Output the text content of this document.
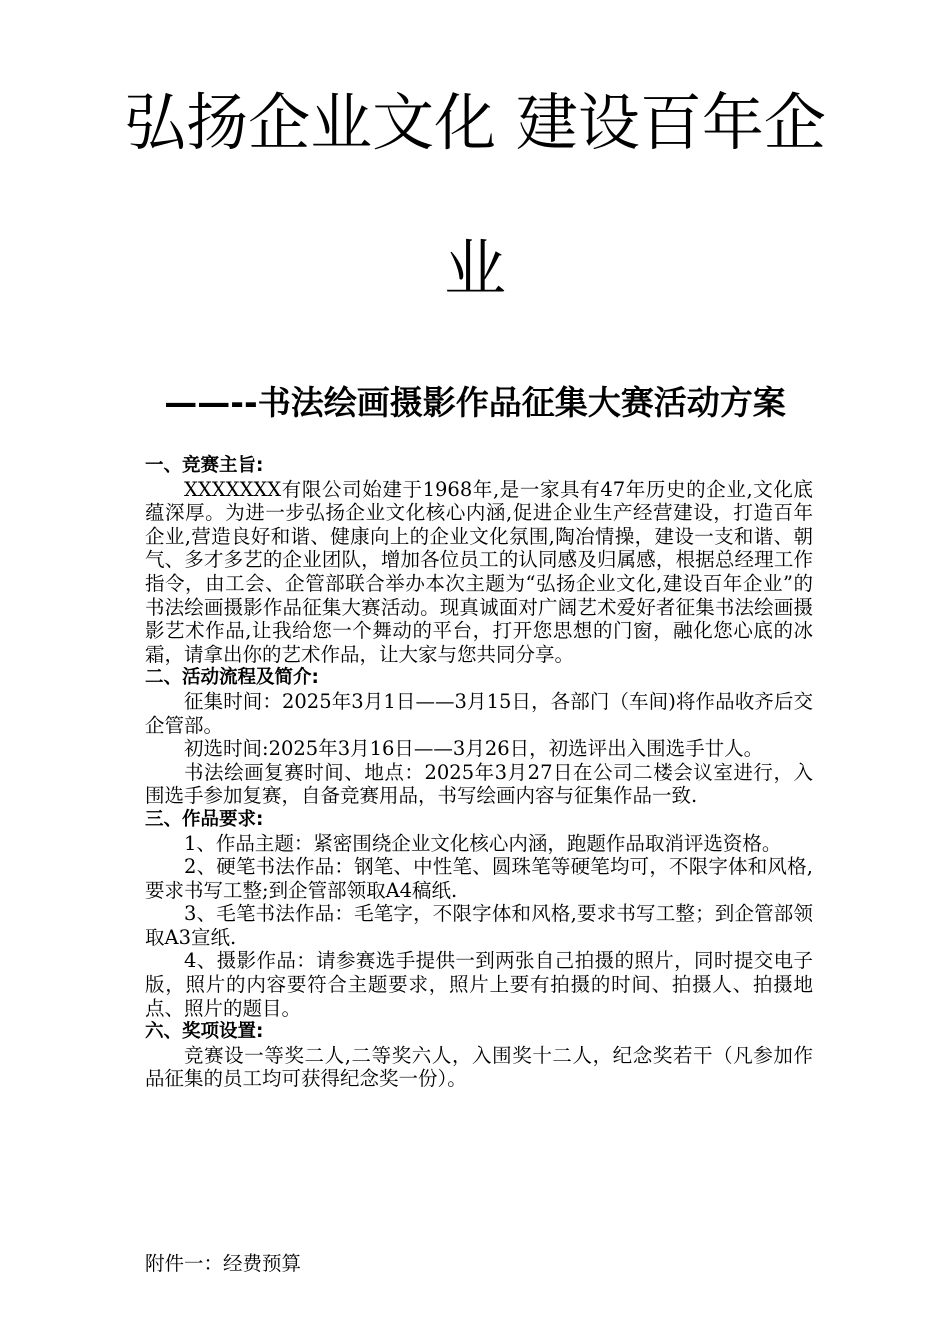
弘扬企业文化 建设百年企
业
——--书法绘画摄影作品征集大赛活动方案

一、竞赛主旨:

XXXXXXX有限公司始建于1968年,是一家具有47年历史的企业,文化底蕴深厚。为进一步弘扬企业文化核心内涵,促进企业生产经营建设，打造百年企业,营造良好和谐、健康向上的企业文化氛围,陶冶情操，建设一支和谐、朝气、多才多艺的企业团队，增加各位员工的认同感及归属感，根据总经理工作指令，由工会、企管部联合举办本次主题为“弘扬企业文化,建设百年企业”的书法绘画摄影作品征集大赛活动。现真诚面对广阔艺术爱好者征集书法绘画摄影艺术作品,让我给您一个舞动的平台，打开您思想的门窗，融化您心底的冰霜，请拿出你的艺术作品，让大家与您共同分享。

二、活动流程及简介:

征集时间：2025年3月1日——3月15日，各部门（车间)将作品收齐后交企管部。

初选时间:2025年3月16日——3月26日，初选评出入围选手廿人。

书法绘画复赛时间、地点：2025年3月27日在公司二楼会议室进行，入围选手参加复赛，自备竞赛用品，书写绘画内容与征集作品一致.

三、作品要求:

1、作品主题：紧密围绕企业文化核心内涵，跑题作品取消评选资格。

2、硬笔书法作品：钢笔、中性笔、圆珠笔等硬笔均可，不限字体和风格,要求书写工整;到企管部领取A4稿纸.

3、毛笔书法作品：毛笔字，不限字体和风格,要求书写工整；到企管部领取A3宣纸.

4、摄影作品：请参赛选手提供一到两张自己拍摄的照片，同时提交电子版，照片的内容要符合主题要求，照片上要有拍摄的时间、拍摄人、拍摄地点、照片的题目。

六、奖项设置:

竞赛设一等奖二人,二等奖六人，入围奖十二人，纪念奖若干（凡参加作品征集的员工均可获得纪念奖一份）。

附件一：经费预算
